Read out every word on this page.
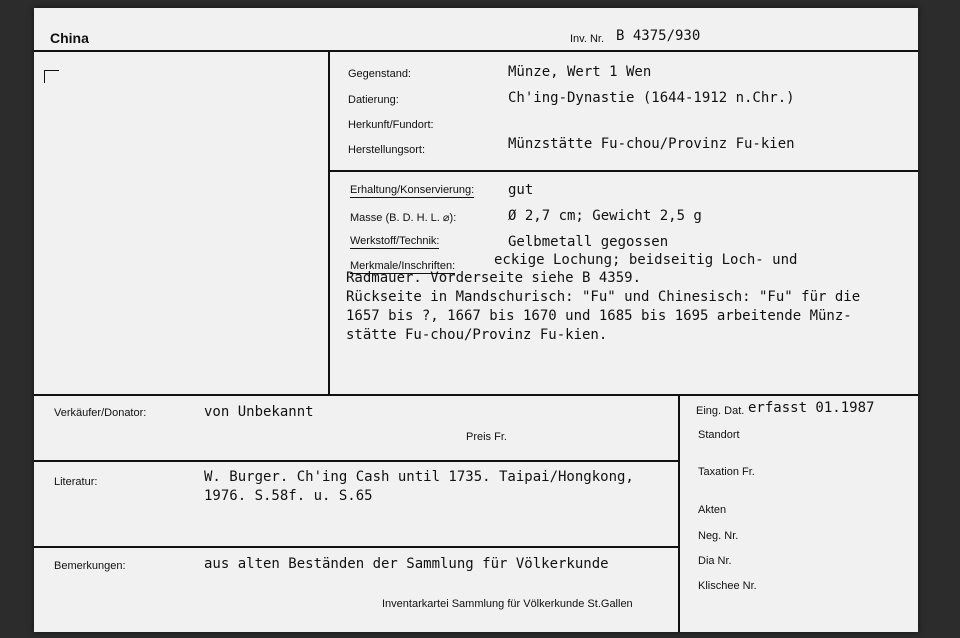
China	Inv. Nr. B 4375/930
Gegenstand:	Münze, Wert 1 Wen
Datierung:	Ch'ing-Dynastie (1644-1912 n.Chr.)
Herkunft/Fundort:
Herstellungsort:	Münzstätte Fu-chou/Provinz Fu-kien
Erhaltung/Konservierung: gut
Masse (B. D. H. L. ⌀):	Ø 2,7 cm; Gewicht 2,5 g
Werkstoff/Technik:	Gelbmetall gegossen
Merkmale/Inschriften:	eckige Lochung; beidseitig Loch- und
Radmauer. Vorderseite siehe B 4359.
Rückseite in Mandschurisch: "Fu" und Chinesisch: "Fu" für die
1657 bis ?, 1667 bis 1670 und 1685 bis 1695 arbeitende Münz-
stätte Fu-chou/Provinz Fu-kien.
Verkäufer/Donator:	von Unbekannt
Preis Fr.
Literatur:	W. Burger. Ch'ing Cash until 1735. Taipai/Hongkong,
1976. S.58f. u. S.65
Bemerkungen:	aus alten Beständen der Sammlung für Völkerkunde
Inventarkartei Sammlung für Völkerkunde St.Gallen
Eing. Dat. erfasst 01.1987
Standort
Taxation Fr.
Akten
Neg. Nr.
Dia Nr.
Klischee Nr.
